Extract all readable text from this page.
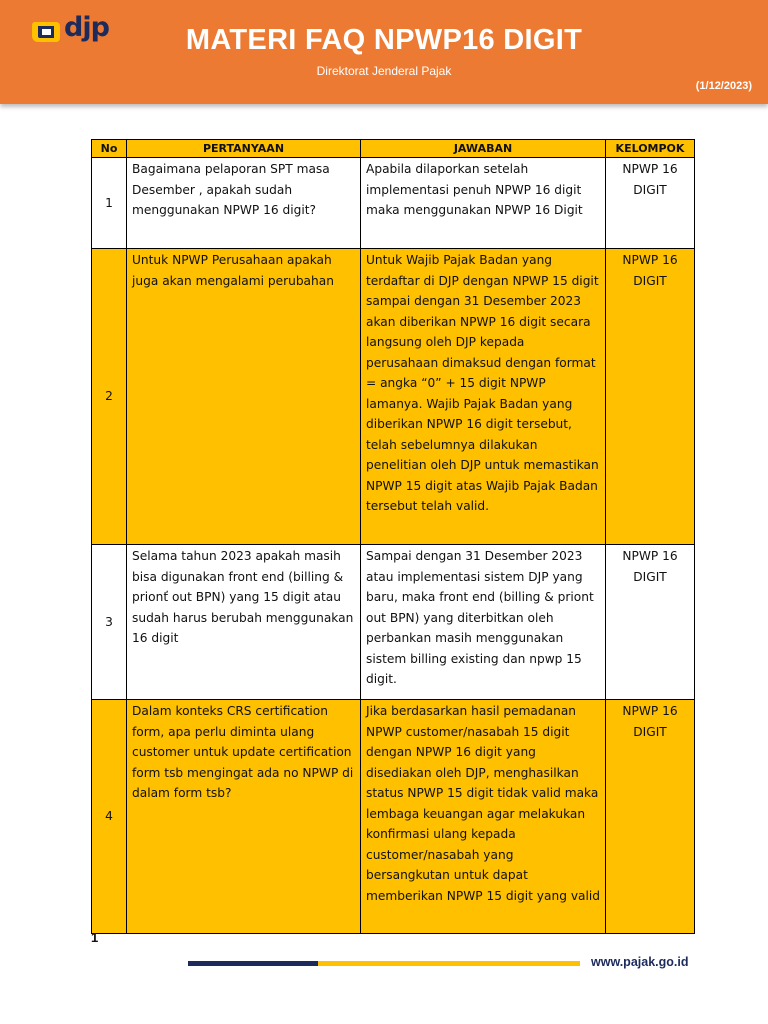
djp	MATERI FAQ NPWP16 DIGIT
Direktorat Jenderal Pajak
(1/12/2023)
No	PERTANYAAN	JAWABAN	KELOMPOK
1	Bagaimana pelaporan SPT masa Desember , apakah sudah menggunakan NPWP 16 digit?	Apabila dilaporkan setelah implementasi penuh NPWP 16 digit maka menggunakan NPWP 16 Digit	NPWP 16 DIGIT
2	Untuk NPWP Perusahaan apakah juga akan mengalami perubahan	Untuk Wajib Pajak Badan yang terdaftar di DJP dengan NPWP 15 digit sampai dengan 31 Desember 2023 akan diberikan NPWP 16 digit secara langsung oleh DJP kepada perusahaan dimaksud dengan format = angka “0” + 15 digit NPWP lamanya. Wajib Pajak Badan yang diberikan NPWP 16 digit tersebut, telah sebelumnya dilakukan penelitian oleh DJP untuk memastikan NPWP 15 digit atas Wajib Pajak Badan tersebut telah valid.	NPWP 16 DIGIT
3	Selama tahun 2023 apakah masih bisa digunakan front end (billing & prionť out BPN) yang 15 digit atau sudah harus berubah menggunakan 16 digit	Sampai dengan 31 Desember 2023 atau implementasi sistem DJP yang baru, maka front end (billing & priont out BPN) yang diterbitkan oleh perbankan masih menggunakan sistem billing existing dan npwp 15 digit.	NPWP 16 DIGIT
4	Dalam konteks CRS certification form, apa perlu diminta ulang customer untuk update certification form tsb mengingat ada no NPWP di dalam form tsb?	Jika berdasarkan hasil pemadanan NPWP customer/nasabah 15 digit dengan NPWP 16 digit yang disediakan oleh DJP, menghasilkan status NPWP 15 digit tidak valid maka lembaga keuangan agar melakukan konfirmasi ulang kepada customer/nasabah yang bersangkutan untuk dapat memberikan NPWP 15 digit yang valid	NPWP 16 DIGIT
1
www.pajak.go.id
